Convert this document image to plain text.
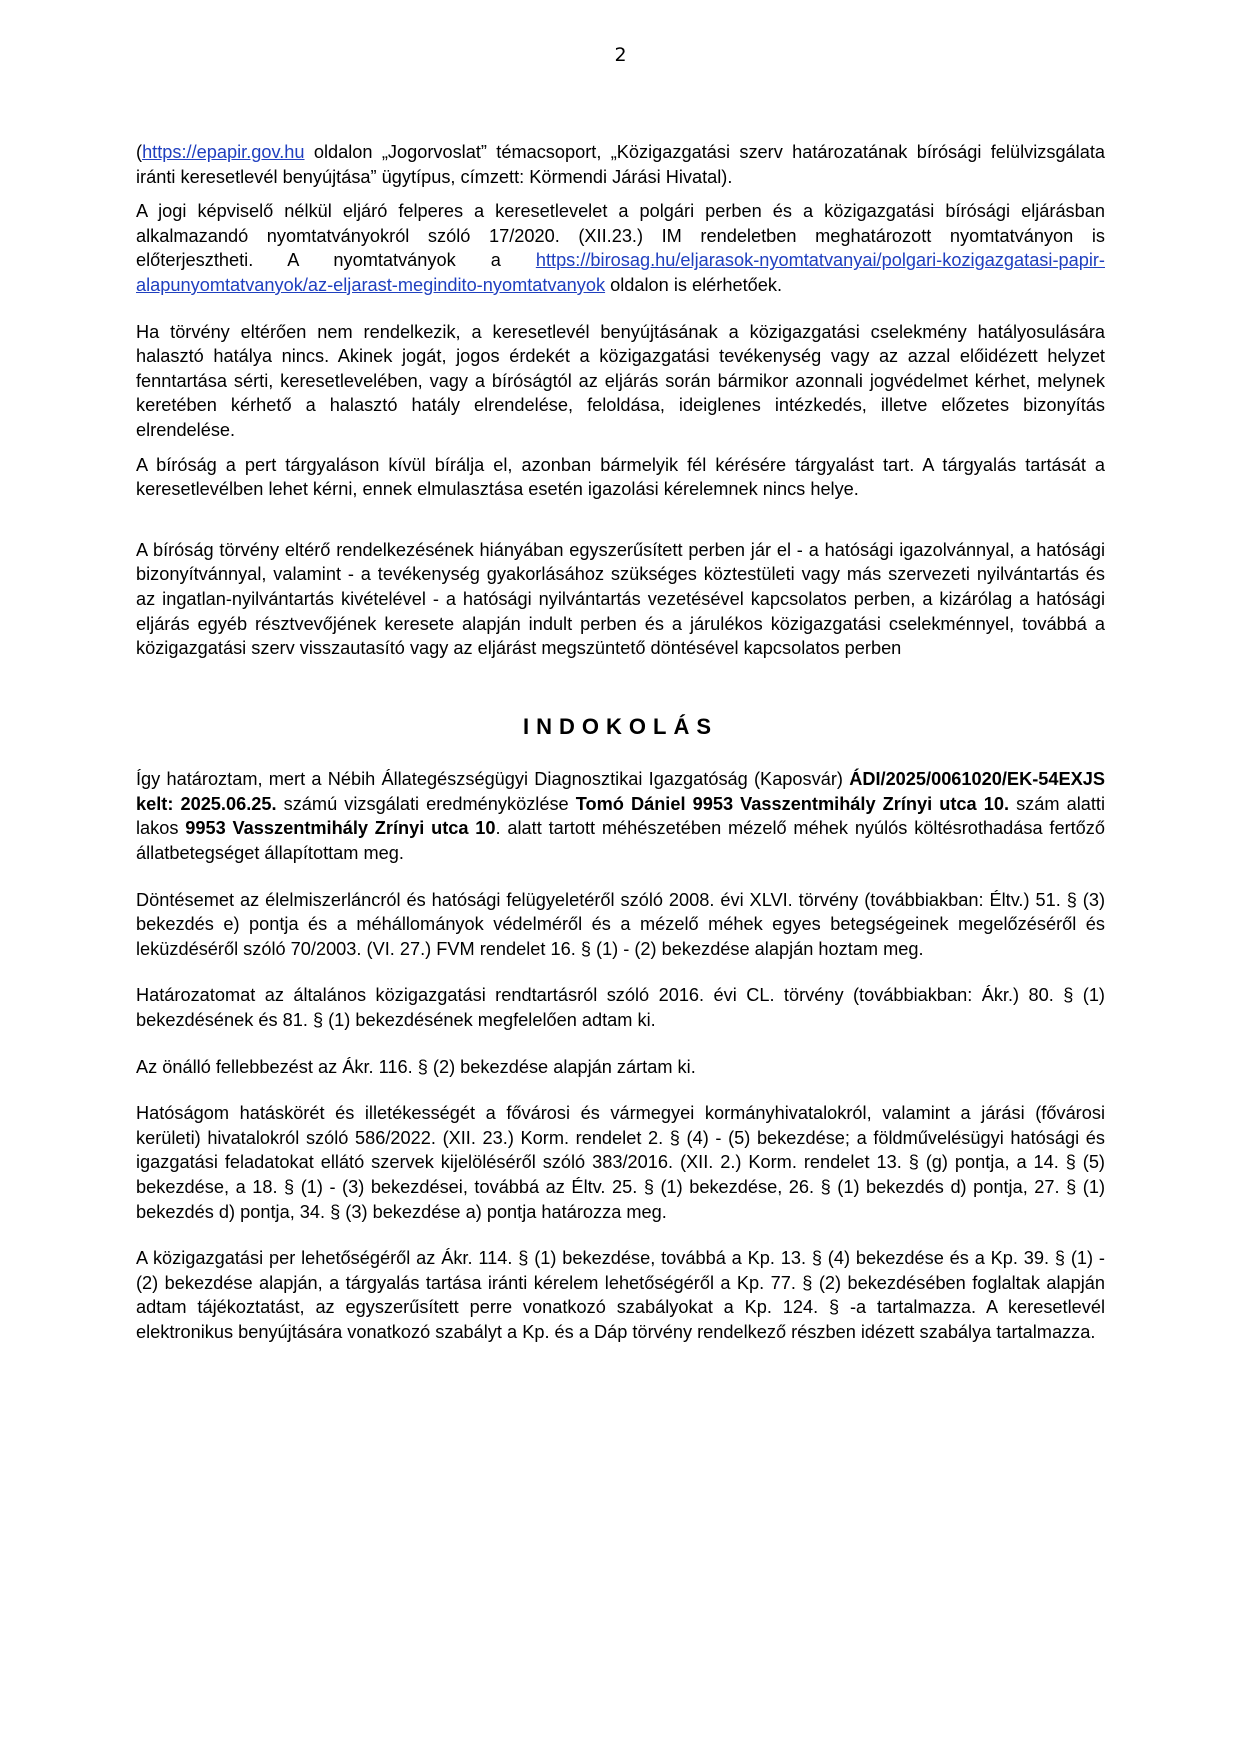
2

(https://epapir.gov.hu oldalon „Jogorvoslat” témacsoport, „Közigazgatási szerv határozatának bírósági felülvizsgálata iránti keresetlevél benyújtása” ügytípus, címzett: Körmendi Járási Hivatal).

A jogi képviselő nélkül eljáró felperes a keresetlevelet a polgári perben és a közigazgatási bírósági eljárásban alkalmazandó nyomtatványokról szóló 17/2020. (XII.23.) IM rendeletben meghatározott nyomtatványon is előterjesztheti. A nyomtatványok a https://birosag.hu/eljarasok-nyomtatvanyai/polgari-kozigazgatasi-papir-alapunyomtatvanyok/az-eljarast-megindito-nyomtatvanyok oldalon is elérhetőek.

Ha törvény eltérően nem rendelkezik, a keresetlevél benyújtásának a közigazgatási cselekmény hatályosulására halasztó hatálya nincs. Akinek jogát, jogos érdekét a közigazgatási tevékenység vagy az azzal előidézett helyzet fenntartása sérti, keresetlevelében, vagy a bíróságtól az eljárás során bármikor azonnali jogvédelmet kérhet, melynek keretében kérhető a halasztó hatály elrendelése, feloldása, ideiglenes intézkedés, illetve előzetes bizonyítás elrendelése.

A bíróság a pert tárgyaláson kívül bírálja el, azonban bármelyik fél kérésére tárgyalást tart. A tárgyalás tartását a keresetlevélben lehet kérni, ennek elmulasztása esetén igazolási kérelemnek nincs helye.

A bíróság törvény eltérő rendelkezésének hiányában egyszerűsített perben jár el - a hatósági igazolvánnyal, a hatósági bizonyítvánnyal, valamint - a tevékenység gyakorlásához szükséges köztestületi vagy más szervezeti nyilvántartás és az ingatlan-nyilvántartás kivételével - a hatósági nyilvántartás vezetésével kapcsolatos perben, a kizárólag a hatósági eljárás egyéb résztvevőjének keresete alapján indult perben és a járulékos közigazgatási cselekménnyel, továbbá a közigazgatási szerv visszautasító vagy az eljárást megszüntető döntésével kapcsolatos perben

INDOKOLÁS

Így határoztam, mert a Nébih Állategészségügyi Diagnosztikai Igazgatóság (Kaposvár) ÁDI/2025/0061020/EK-54EXJS kelt: 2025.06.25. számú vizsgálati eredményközlése Tomó Dániel 9953 Vasszentmihály Zrínyi utca 10. szám alatti lakos 9953 Vasszentmihály Zrínyi utca 10. alatt tartott méhészetében mézelő méhek nyúlós költésrothadása fertőző állatbetegséget állapítottam meg.

Döntésemet az élelmiszerláncról és hatósági felügyeletéről szóló 2008. évi XLVI. törvény (továbbiakban: Éltv.) 51. § (3) bekezdés e) pontja és a méhállományok védelméről és a mézelő méhek egyes betegségeinek megelőzéséről és leküzdéséről szóló 70/2003. (VI. 27.) FVM rendelet 16. § (1) - (2) bekezdése alapján hoztam meg.

Határozatomat az általános közigazgatási rendtartásról szóló 2016. évi CL. törvény (továbbiakban: Ákr.) 80. § (1) bekezdésének és 81. § (1) bekezdésének megfelelően adtam ki.

Az önálló fellebbezést az Ákr. 116. § (2) bekezdése alapján zártam ki.

Hatóságom hatáskörét és illetékességét a fővárosi és vármegyei kormányhivatalokról, valamint a járási (fővárosi kerületi) hivatalokról szóló 586/2022. (XII. 23.) Korm. rendelet 2. § (4) - (5) bekezdése; a földművelésügyi hatósági és igazgatási feladatokat ellátó szervek kijelöléséről szóló 383/2016. (XII. 2.) Korm. rendelet 13. § (g) pontja, a 14. § (5) bekezdése, a 18. § (1) - (3) bekezdései, továbbá az Éltv. 25. § (1) bekezdése, 26. § (1) bekezdés d) pontja, 27. § (1) bekezdés d) pontja, 34. § (3) bekezdése a) pontja határozza meg.

A közigazgatási per lehetőségéről az Ákr. 114. § (1) bekezdése, továbbá a Kp. 13. § (4) bekezdése és a Kp. 39. § (1) - (2) bekezdése alapján, a tárgyalás tartása iránti kérelem lehetőségéről a Kp. 77. § (2) bekezdésében foglaltak alapján adtam tájékoztatást, az egyszerűsített perre vonatkozó szabályokat a Kp. 124. § -a tartalmazza. A keresetlevél elektronikus benyújtására vonatkozó szabályt a Kp. és a Dáp törvény rendelkező részben idézett szabálya tartalmazza.
